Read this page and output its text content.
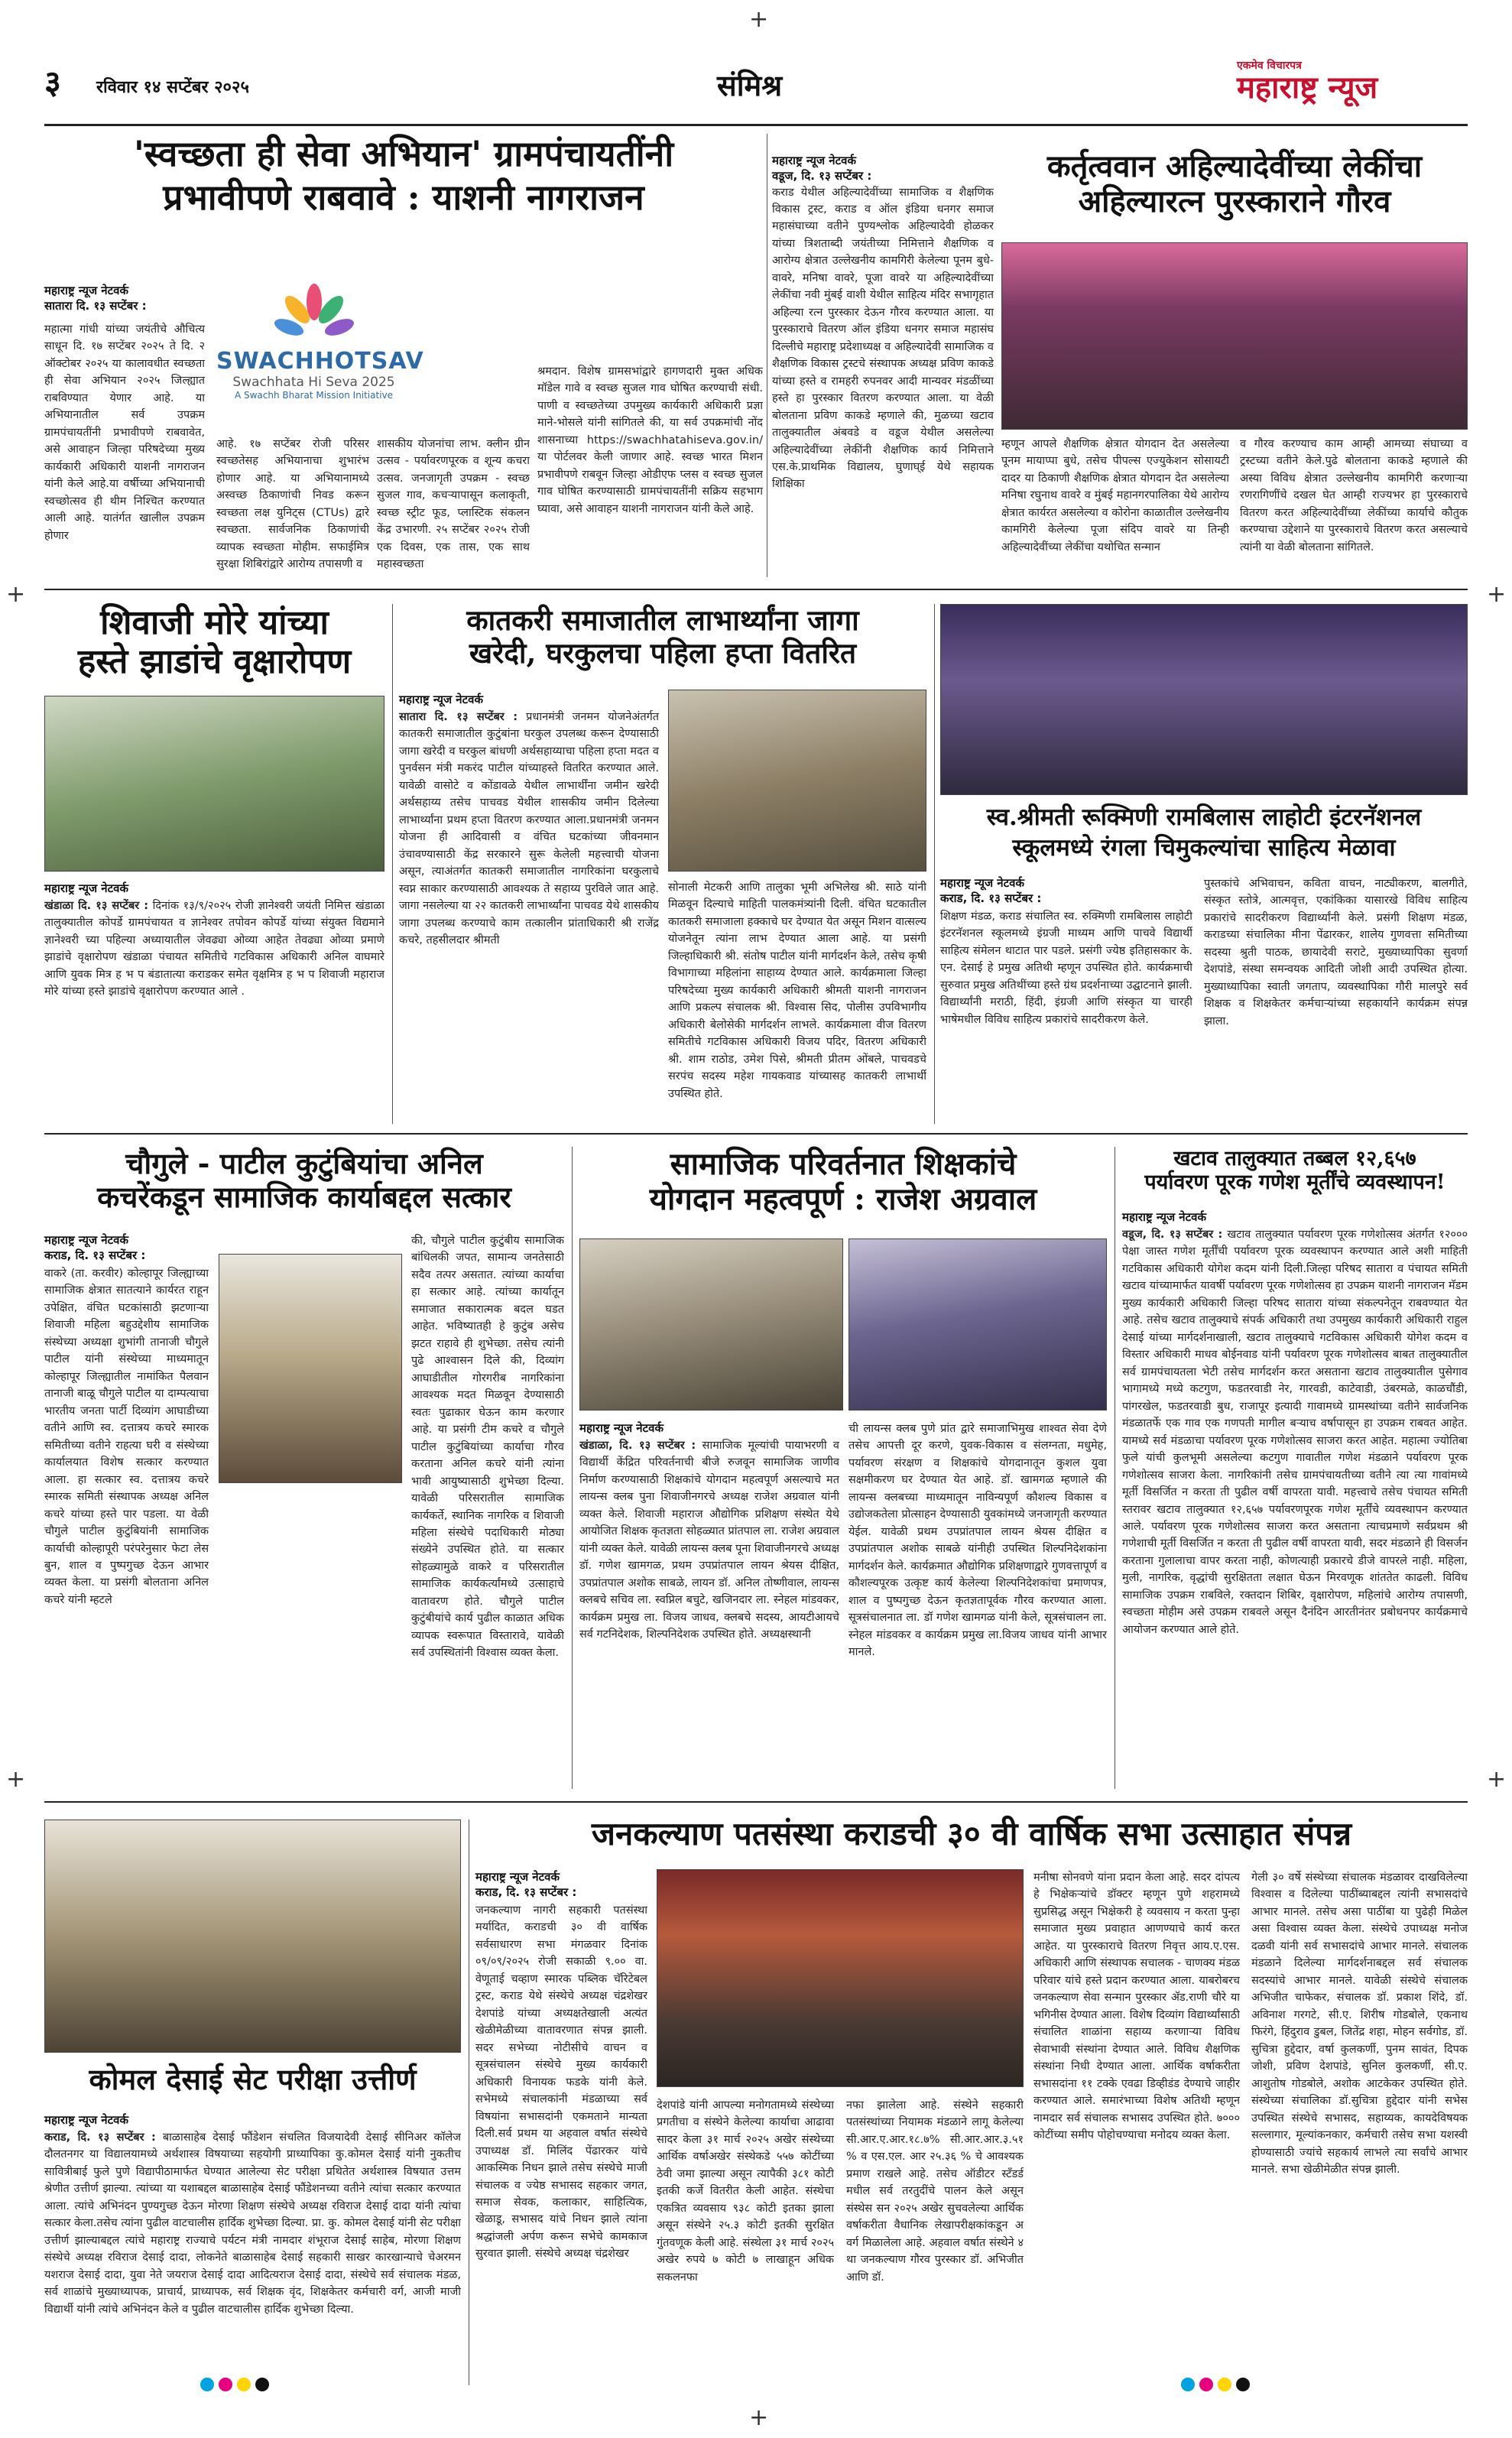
+
+	+
+	+
+
३ रविवार १४ सप्टेंबर २०२५	संमिश्र
एकमेव विचारपत्र
महाराष्ट्र न्यूज
'स्वच्छता ही सेवा अभियान' ग्रामपंचायतींनी
प्रभावीपणे राबवावे : याशनी नागराजन
महाराष्ट्र न्यूज नेटवर्क
सातारा दि. १३ सप्टेंबर :
महात्मा गांधी यांच्या जयंतीचे औचित्य साधून दि. १७ सप्टेंबर २०२५ ते दि. २ ऑक्टोबर २०२५ या कालावधीत स्वच्छता ही सेवा अभियान २०२५ जिल्ह्यात राबविण्यात येणार आहे. या अभियानातील सर्व उपक्रम ग्रामपंचायतींनी प्रभावीपणे राबवावेत, असे आवाहन जिल्हा परिषदेच्या मुख्य कार्यकारी अधिकारी याशनी नागराजन यांनी केले आहे.या वर्षीच्या अभियानाची स्वच्छोत्सव ही थीम निश्चित करण्यात आली आहे. यातंर्गत खालील उपक्रम होणार
SWACHHOTSAV
Swachhata Hi Seva 2025
A Swachh Bharat Mission Initiative
आहे. १७ सप्टेंबर रोजी परिसर स्वच्छतेसह अभियानाचा शुभारंभ होणार आहे. या अभियानामध्ये अस्वच्छ ठिकाणांची निवड करून स्वच्छता लक्ष युनिट्स (CTUs) द्वारे स्वच्छता. सार्वजनिक ठिकाणांची व्यापक स्वच्छता मोहीम. सफाईमित्र सुरक्षा शिबिरांद्वारे आरोग्य तपासणी व
शासकीय योजनांचा लाभ. क्लीन ग्रीन उत्सव - पर्यावरणपूरक व शून्य कचरा उत्सव. जनजागृती उपक्रम - स्वच्छ सुजल गाव, कचऱ्यापासून कलाकृती, स्वच्छ स्ट्रीट फूड, प्लास्टिक संकलन केंद्र उभारणी. २५ सप्टेंबर २०२५ रोजी एक दिवस, एक तास, एक साथ महास्वच्छता
श्रमदान. विशेष ग्रामसभांद्वारे हागणदारी मुक्त अधिक मॉडेल गावे व स्वच्छ सुजल गाव घोषित करण्याची संधी. पाणी व स्वच्छतेच्या उपमुख्य कार्यकारी अधिकारी प्रज्ञा माने-भोसले यांनी सांगितले की, या सर्व उपक्रमांची नोंद शासनाच्या https://swachhatahiseva.gov.in/ या पोर्टलवर केली जाणार आहे. स्वच्छ भारत मिशन प्रभावीपणे राबवून जिल्हा ओडीएफ प्लस व स्वच्छ सुजल गाव घोषित करण्यासाठी ग्रामपंचायतींनी सक्रिय सहभाग घ्यावा, असे आवाहन याशनी नागराजन यांनी केले आहे.
महाराष्ट्र न्यूज नेटवर्क
वडूज, दि. १३ सप्टेंबर :
कराड येथील अहिल्यादेवींच्या सामाजिक व शैक्षणिक विकास ट्रस्ट, कराड व ऑल इंडिया धनगर समाज महासंघाच्या वतीने पुण्यश्लोक अहिल्यादेवी होळकर यांच्या त्रिशताब्दी जयंतीच्या निमित्ताने शैक्षणिक व आरोग्य क्षेत्रात उल्लेखनीय कामगिरी केलेल्या पूनम बुधे- वावरे, मनिषा वावरे, पूजा वावरे या अहिल्यादेवींच्या लेकींचा नवी मुंबई वाशी येथील साहित्य मंदिर सभागृहात अहिल्या रत्न पुरस्कार देऊन गौरव करण्यात आला. या पुरस्काराचे वितरण ऑल इंडिया धनगर समाज महासंघ दिल्लीचे महाराष्ट्र प्रदेशाध्यक्ष व अहिल्यादेवी सामाजिक व शैक्षणिक विकास ट्रस्टचे संस्थापक अध्यक्ष प्रविण काकडे यांच्या हस्ते व रामहरी रुपनवर आदी मान्यवर मंडळींच्या हस्ते हा पुरस्कार वितरण करण्यात आला. या वेळी बोलताना प्रविण काकडे म्हणाले की, मुळच्या खटाव तालुक्यातील अंबवडे व वडूज येथील असलेल्या अहिल्यादेवींच्या लेकींनी शैक्षणिक कार्य निमित्ताने एस.के.प्राथमिक विद्यालय, घुणाघ्ई येथे सहायक शिक्षिका
कर्तृत्ववान अहिल्यादेवींच्या लेकींचा
अहिल्यारत्न पुरस्काराने गौरव
म्हणून आपले शैक्षणिक क्षेत्रात योगदान देत असलेल्या पूनम मायाप्पा बुधे, तसेच पीपल्स एज्युकेशन सोसायटी दादर या ठिकाणी शैक्षणिक क्षेत्रात योगदान देत असलेल्या मनिषा रघुनाथ वावरे व मुंबई महानगरपालिका येथे आरोग्य क्षेत्रात कार्यरत असलेल्या व कोरोना काळातील उल्लेखनीय कामगिरी केलेल्या पूजा संदिप वावरे या तिन्ही अहिल्यादेवींच्या लेकींचा यथोचित सन्मान
व गौरव करण्याच काम आम्ही आमच्या संघाच्या व ट्रस्टच्या वतीने केले.पुढे बोलताना काकडे म्हणाले की अस्या विविध क्षेत्रात उल्लेखनीय कामगिरी करणाऱ्या रणरागिणींचे दखल घेत आम्ही राज्यभर हा पुरस्काराचे वितरण करत अहिल्यादेवींच्या लेकींच्या कार्याचे कौतुक करण्याचा उद्देशाने या पुरस्काराचे वितरण करत असल्याचे त्यांनी या वेळी बोलताना सांगितले.
शिवाजी मोरे यांच्या
हस्ते झाडांचे वृक्षारोपण
महाराष्ट्र न्यूज नेटवर्क
खंडाळा दि. १३ सप्टेंबर : दिनांक १३/९/२०२५ रोजी ज्ञानेश्वरी जयंती निमित्त खंडाळा तालुक्यातील कोपर्डे ग्रामपंचायत व ज्ञानेश्वर तपोवन कोपर्डे यांच्या संयुक्त विद्यमाने ज्ञानेश्वरी च्या पहिल्या अध्यायातील जेवढ्या ओव्या आहेत तेवढ्या ओव्या प्रमाणे झाडांचे वृक्षारोपण खंडाळा पंचायत समितीचे गटविकास अधिकारी अनिल वाघमारे आणि युवक मित्र ह भ प बंडातात्या कराडकर समेत वृक्षमित्र ह भ प शिवाजी महाराज मोरे यांच्या हस्ते झाडांचे वृक्षारोपण करण्यात आले .
कातकरी समाजातील लाभार्थ्यांना जागा
खरेदी, घरकुलचा पहिला हप्ता वितरित
महाराष्ट्र न्यूज नेटवर्क
सातारा दि. १३ सप्टेंबर : प्रधानमंत्री जनमन योजनेअंतर्गत कातकरी समाजातील कुटुंबांना घरकुल उपलब्ध करून देण्यासाठी जागा खरेदी व घरकुल बांधणी अर्थसहाय्याचा पहिला हप्ता मदत व पुनर्वसन मंत्री मकरंद पाटील यांच्याहस्ते वितरित करण्यात आले. यावेळी वासोटे व कोंडावळे येथील लाभार्थींना जमीन खरेदी अर्थसहाय्य तसेच पाचवड येथील शासकीय जमीन दिलेल्या लाभार्थ्यांना प्रथम हप्ता वितरण करण्यात आला.प्रधानमंत्री जनमन योजना ही आदिवासी व वंचित घटकांच्या जीवनमान उंचावण्यासाठी केंद्र सरकारने सुरू केलेली महत्त्वाची योजना असून, त्याअंतर्गत कातकरी समाजातील नागरिकांना घरकुलाचे स्वप्न साकार करण्यासाठी आवश्यक ते सहाय्य पुरविले जात आहे. जागा नसलेल्या या २२ कातकरी लाभार्थ्यांना पाचवड येथे शासकीय जागा उपलब्ध करण्याचे काम तत्कालीन प्रांताधिकारी श्री राजेंद्र कचरे, तहसीलदार श्रीमती
सोनाली मेटकरी आणि तालुका भूमी अभिलेख श्री. साठे यांनी मिळवून दिल्याचे माहिती पालकमंत्र्यांनी दिली. वंचित घटकातील कातकरी समाजाला हक्काचे घर देण्यात येत असून मिशन वात्सल्य योजनेतून त्यांना लाभ देण्यात आला आहे. या प्रसंगी जिल्हाधिकारी श्री. संतोष पाटील यांनी मार्गदर्शन केले, तसेच कृषी विभागाच्या महिलांना साहाय्य देण्यात आले. कार्यक्रमाला जिल्हा परिषदेच्या मुख्य कार्यकारी अधिकारी श्रीमती याशनी नागराजन आणि प्रकल्प संचालक श्री. विश्वास सिद, पोलीस उपविभागीय अधिकारी बेलोसेकी मार्गदर्शन लाभले. कार्यक्रमाला वीज वितरण समितीचे गटविकास अधिकारी विजय पदिर, वितरण अधिकारी श्री. शाम राठोड, उमेश पिसे, श्रीमती प्रीतम ओंबले, पाचवडचे सरपंच सदस्य महेश गायकवाड यांच्यासह कातकरी लाभार्थी उपस्थित होते.
स्व.श्रीमती रूक्मिणी रामबिलास लाहोटी इंटरनॅशनल
स्कूलमध्ये रंगला चिमुकल्यांचा साहित्य मेळावा
महाराष्ट्र न्यूज नेटवर्क
कराड, दि. १३ सप्टेंबर :
शिक्षण मंडळ, कराड संचालित स्व. रुक्मिणी रामबिलास लाहोटी इंटरनॅशनल स्कूलमध्ये इंग्रजी माध्यम आणि पाचवे विद्यार्थी साहित्य संमेलन थाटात पार पडले. प्रसंगी ज्येष्ठ इतिहासकार के. एन. देसाई हे प्रमुख अतिथी म्हणून उपस्थित होते. कार्यक्रमाची सुरुवात प्रमुख अतिथींच्या हस्ते ग्रंथ प्रदर्शनाच्या उद्घाटनाने झाली. विद्यार्थ्यांनी मराठी, हिंदी, इंग्रजी आणि संस्कृत या चारही भाषेमधील विविध साहित्य प्रकारांचे सादरीकरण केले.
पुस्तकांचे अभिवाचन, कविता वाचन, नाट्यीकरण, बालगीते, संस्कृत स्तोत्रे, आत्मवृत्त, एकांकिका यासारखे विविध साहित्य प्रकारांचे सादरीकरण विद्यार्थ्यांनी केले. प्रसंगी शिक्षण मंडळ, कराडच्या संचालिका मीना पेंढारकर, शालेय गुणवत्ता समितीच्या सदस्या श्रुती पाठक, छायादेवी सराटे, मुख्याध्यापिका सुवर्णा देशपांडे, संस्था समन्वयक आदिती जोशी आदी उपस्थित होत्या. मुख्याध्यापिका स्वाती जगताप, व्यवस्थापिका गौरी मालपुरे सर्व शिक्षक व शिक्षकेतर कर्मचाऱ्यांच्या सहकार्याने कार्यक्रम संपन्न झाला.
चौगुले - पाटील कुटुंबियांचा अनिल
कचरेंकडून सामाजिक कार्याबद्दल सत्कार
महाराष्ट्र न्यूज नेटवर्क
कराड, दि. १३ सप्टेंबर :
वाकरे (ता. करवीर) कोल्हापूर जिल्ह्याच्या सामाजिक क्षेत्रात सातत्याने कार्यरत राहून उपेक्षित, वंचित घटकांसाठी झटणाऱ्या शिवाजी महिला बहुउद्देशीय सामाजिक संस्थेच्या अध्यक्षा शुभांगी तानाजी चौगुले पाटील यांनी संस्थेच्या माध्यमातून कोल्हापूर जिल्ह्यातील नामांकित पैलवान तानाजी बाळू चौगुले पाटील या दाम्पत्याचा भारतीय जनता पार्टी दिव्यांग आघाडीच्या वतीने आणि स्व. दत्तात्रय कचरे स्मारक समितीच्या वतीने राहत्या घरी व संस्थेच्या कार्यालयात विशेष सत्कार करण्यात आला. हा सत्कार स्व. दत्तात्रय कचरे स्मारक समिती संस्थापक अध्यक्ष अनिल कचरे यांच्या हस्ते पार पडला. या वेळी चौगुले पाटील कुटुंबियांनी सामाजिक कार्याची कोल्हापूरी परंपरेनुसार फेटा लेस बुन, शाल व पुष्पगुच्छ देऊन आभार व्यक्त केला. या प्रसंगी बोलताना अनिल कचरे यांनी म्हटले
की, चौगुले पाटील कुटुंबीय सामाजिक बांधिलकी जपत, सामान्य जनतेसाठी सदैव तत्पर असतात. त्यांच्या कार्याचा हा सत्कार आहे. त्यांच्या कार्यातून समाजात सकारात्मक बदल घडत आहेत. भविष्यातही हे कुटुंब असेच झटत राहावे ही शुभेच्छा. तसेच त्यांनी पुढे आश्वासन दिले की, दिव्यांग आघाडीतील गोरगरीब नागरिकांना आवश्यक मदत मिळवून देण्यासाठी स्वतः पुढाकार घेऊन काम करणार आहे. या प्रसंगी टीम कचरे व चौगुले पाटील कुटुंबियांच्या कार्याचा गौरव करताना अनिल कचरे यांनी त्यांना भावी आयुष्यासाठी शुभेच्छा दिल्या. यावेळी परिसरातील सामाजिक कार्यकर्ते, स्थानिक नागरिक व शिवाजी महिला संस्थेचे पदाधिकारी मोठ्या संख्येने उपस्थित होते. या सत्कार सोहळ्यामुळे वाकरे व परिसरातील सामाजिक कार्यकर्त्यांमध्ये उत्साहाचे वातावरण होते. चौगुले पाटील कुटुंबीयांचे कार्य पुढील काळात अधिक व्यापक स्वरूपात विस्तारावे, यावेळी सर्व उपस्थितांनी विश्वास व्यक्त केला.
सामाजिक परिवर्तनात शिक्षकांचे
योगदान महत्वपूर्ण : राजेश अग्रवाल
महाराष्ट्र न्यूज नेटवर्क
खंडाळा, दि. १३ सप्टेंबर : सामाजिक मूल्यांची पायाभरणी व विद्यार्थी केंद्रित परिवर्तनाची बीजे रुजवून सामाजिक जाणीव निर्माण करण्यासाठी शिक्षकांचे योगदान महत्वपूर्ण असल्याचे मत लायन्स क्लब पुना शिवाजीनगरचे अध्यक्ष राजेश अग्रवाल यांनी व्यक्त केले. शिवाजी महाराज औद्योगिक प्रशिक्षण संस्थेत येथे आयोजित शिक्षक कृतज्ञता सोहळ्यात प्रांतपाल ला. राजेश अग्रवाल यांनी व्यक्त केले. यावेळी लायन्स क्लब पूना शिवाजीनगरचे अध्यक्ष डॉ. गणेश खामगळ, प्रथम उपप्रांतपाल लायन श्रेयस दीक्षित, उपप्रांतपाल अशोक साबळे, लायन डॉ. अनिल तोष्णीवाल, लायन्स क्लबचे सचिव ला. स्वप्निल बचुटे, खजिनदार ला. स्नेहल मांडवकर, कार्यक्रम प्रमुख ला. विजय जाधव, क्लबचे सदस्य, आयटीआयचे सर्व गटनिदेशक, शिल्पनिदेशक उपस्थित होते. अध्यक्षस्थानी
ची लायन्स क्लब पुणे प्रांत द्वारे समाजाभिमुख शाश्वत सेवा देणे तसेच आपत्ती दूर करणे, युवक-विकास व संलग्नता, मधुमेह, पर्यावरण संरक्षण व शिक्षकांचे योगदानातून कुशल युवा सक्षमीकरण घर देण्यात येत आहे. डॉ. खामगळ म्हणाले की लायन्स क्लबच्या माध्यमातून नाविन्यपूर्ण कौशल्य विकास व उद्योजकतेला प्रोत्साहन देण्यासाठी युवकांमध्ये जनजागृती करण्यात येईल. यावेळी प्रथम उपप्रांतपाल लायन श्रेयस दीक्षित व उपप्रांतपाल अशोक साबळे यांनीही उपस्थित शिल्पनिदेशकांना मार्गदर्शन केले. कार्यक्रमात औद्योगिक प्रशिक्षणाद्वारे गुणवत्तापूर्ण व कौशल्यपूरक उत्कृष्ट कार्य केलेल्या शिल्पनिदेशकांचा प्रमाणपत्र, शाल व पुष्पगुच्छ देऊन कृतज्ञतापूर्वक गौरव करण्यात आला. सूत्रसंचालनात ला. डॉ गणेश खामगळ यांनी केले, सूत्रसंचालन ला. स्नेहल मांडवकर व कार्यक्रम प्रमुख ला.विजय जाधव यांनी आभार मानले.
खटाव तालुक्यात तब्बल १२,६५७
पर्यावरण पूरक गणेश मूर्तींचे व्यवस्थापन!
महाराष्ट्र न्यूज नेटवर्क
वडूज, दि. १३ सप्टेंबर : खटाव तालुक्यात पर्यावरण पूरक गणेशोत्सव अंतर्गत १२००० पेक्षा जास्त गणेश मूर्तींची पर्यावरण पूरक व्यवस्थापन करण्यात आले अशी माहिती गटविकास अधिकारी योगेश कदम यांनी दिली.जिल्हा परिषद सातारा व पंचायत समिती खटाव यांच्यामार्फत यावर्षी पर्यावरण पूरक गणेशोत्सव हा उपक्रम याशनी नागराजन मॅडम मुख्य कार्यकारी अधिकारी जिल्हा परिषद सातारा यांच्या संकल्पनेतून राबवण्यात येत आहे. तसेच खटाव तालुक्याचे संपर्क अधिकारी तथा उपमुख्य कार्यकारी अधिकारी राहुल देसाई यांच्या मार्गदर्शनाखाली, खटाव तालुक्याचे गटविकास अधिकारी योगेश कदम व विस्तार अधिकारी माधव बोईनवाड यांनी पर्यावरण पूरक गणेशोत्सव बाबत तालुक्यातील सर्व ग्रामपंचायतला भेटी तसेच मार्गदर्शन करत असताना खटाव तालुक्यातील पुसेगाव भागामध्ये मध्ये कटगुण, फडतरवाडी नेर, गारवडी, काटेवाडी, उंबरमळे, काळचौंडी, पांगरखेल, फडतरवाडी बुध, राजापूर इत्यादी गावामध्ये ग्रामस्थांच्या वतीने सार्वजनिक मंडळातर्फे एक गाव एक गणपती मागील बऱ्याच वर्षापासून हा उपक्रम राबवत आहेत. यामध्ये सर्व मंडळाचा पर्यावरण पूरक गणेशोत्सव साजरा करत आहेत. महात्मा ज्योतिबा फुले यांची कुलभूमी असलेल्या कटगुण गावातील गणेश मंडळाने पर्यावरण पूरक गणेशोत्सव साजरा केला. नागरिकांनी तसेच ग्रामपंचायतीच्या वतीने त्या त्या गावांमध्ये मूर्ती विसर्जित न करता ती पुढील वर्षी वापरता यावी. महत्त्वाचे तसेच पंचायत समिती स्तरावर खटाव तालुक्यात १२,६५७ पर्यावरणपूरक गणेश मूर्तींचे व्यवस्थापन करण्यात आले. पर्यावरण पूरक गणेशोत्सव साजरा करत असताना त्याचप्रमाणे सर्वप्रथम श्री गणेशाची मूर्ती विसर्जित न करता ती पुढील वर्षी वापरता यावी, सदर मंडळाने ही विसर्जन करताना गुलालाचा वापर करता नाही, कोणत्याही प्रकारचे डीजे वापरले नाही. महिला, मुली, नागरिक, वृद्धांची सुरक्षितता लक्षात घेऊन मिरवणूक शांततेत काढली. विविध सामाजिक उपक्रम राबविले, रक्तदान शिबिर, वृक्षारोपण, महिलांचे आरोग्य तपासणी, स्वच्छता मोहीम असे उपक्रम राबवले असून दैनंदिन आरतीनंतर प्रबोधनपर कार्यक्रमाचे आयोजन करण्यात आले होते.
कोमल देसाई सेट परीक्षा उत्तीर्ण
महाराष्ट्र न्यूज नेटवर्क
कराड, दि. १३ सप्टेंबर : बाळासाहेब देसाई फौंडेशन संचलित विजयादेवी देसाई सीनिअर कॉलेज दौलतनगर या विद्यालयामध्ये अर्थशास्त्र विषयाच्या सहयोगी प्राध्यापिका कु.कोमल देसाई यांनी नुकतीच सावित्रीबाई फुले पुणे विद्यापीठामार्फत घेण्यात आलेल्या सेट परीक्षा प्रथितेत अर्थशास्त्र विषयात उत्तम श्रेणीत उत्तीर्ण झाल्या. त्यांच्या या यशाबद्दल बाळासाहेब देसाई फौंडेशनच्या वतीने त्यांचा सत्कार करण्यात आला. त्यांचे अभिनंदन पुण्यगुच्छ देऊन मोरणा शिक्षण संस्थेचे अध्यक्ष रविराज देसाई दादा यांनी त्यांचा सत्कार केला.तसेच त्यांना पुढील वाटचालीस हार्दिक शुभेच्छा दिल्या. प्रा. कु. कोमल देसाई यांनी सेट परीक्षा उत्तीर्ण झाल्याबद्दल त्यांचे महाराष्ट्र राज्याचे पर्यटन मंत्री नामदार शंभूराज देसाई साहेब, मोरणा शिक्षण संस्थेचे अध्यक्ष रविराज देसाई दादा, लोकनेते बाळासाहेब देसाई सहकारी साखर कारखान्याचे चेअरमन यशराज देसाई दादा, युवा नेते जयराज देसाई दादा आदित्यराज देसाई दादा, संस्थेचे सर्व संचालक मंडळ, सर्व शाळांचे मुख्याध्यापक, प्राचार्य, प्राध्यापक, सर्व शिक्षक वृंद, शिक्षकेतर कर्मचारी वर्ग, आजी माजी विद्यार्थी यांनी त्यांचे अभिनंदन केले व पुढील वाटचालीस हार्दिक शुभेच्छा दिल्या.
जनकल्याण पतसंस्था कराडची ३० वी वार्षिक सभा उत्साहात संपन्न
महाराष्ट्र न्यूज नेटवर्क
कराड, दि. १३ सप्टेंबर :
जनकल्याण नागरी सहकारी पतसंस्था मर्यादित, कराडची ३० वी वार्षिक सर्वसाधारण सभा मंगळवार दिनांक ०९/०९/२०२५ रोजी सकाळी ९.०० वा. वेणूताई चव्हाण स्मारक पब्लिक चॅरिटेबल ट्रस्ट, कराड येथे संस्थेचे अध्यक्ष चंद्रशेखर देशपांडे यांच्या अध्यक्षतेखाली अत्यंत खेळीमेळीच्या वातावरणात संपन्न झाली. सदर सभेच्या नोटीसीचे वाचन व सूत्रसंचालन संस्थेचे मुख्य कार्यकारी अधिकारी विनायक फडके यांनी केले. सभेमध्ये संचालकांनी मंडळाच्या सर्व विषयांना सभासदांनी एकमताने मान्यता दिली.सर्व प्रथम या अहवाल वर्षात संस्थेचे उपाध्यक्ष डॉ. मिलिंद पेंढारकर यांचे आकस्मिक निधन झाले तसेच संस्थेचे माजी संचालक व ज्येष्ठ सभासद सहकार जगत, समाज सेवक, कलाकार, साहित्यिक, खेळाडू, सभासद यांचे निधन झाले त्यांना श्रद्धांजली अर्पण करून सभेचे कामकाज सुरवात झाली. संस्थेचे अध्यक्ष चंद्रशेखर
देशपांडे यांनी आपल्या मनोगतामध्ये संस्थेच्या प्रगतीचा व संस्थेने केलेल्या कार्याचा आढावा सादर केला ३१ मार्च २०२५ अखेर संस्थेच्या आर्थिक वर्षाअखेर संस्थेकडे ५५७ कोटींच्या ठेवी जमा झाल्या असून त्यापैकी ३८१ कोटी इतकी कर्जे वितरीत केली आहेत. संस्थेचा एकत्रित व्यवसाय ९३८ कोटी इतका झाला असून संस्थेने २५.३ कोटी इतकी सुरक्षित गुंतवणूक केली आहे. संस्थेला ३१ मार्च २०२५ अखेर रुपये ७ कोटी ७ लाखाहून अधिक सकलनफा
नफा झालेला आहे. संस्थेने सहकारी पतसंस्थांच्या नियामक मंडळाने लागू केलेल्या सी.आर.ए.आर.१८.७% सी.आर.आर.३.५१ % व एस.एल. आर २५.३६ % चे आवश्यक प्रमाण राखले आहे. तसेच ऑडीटर स्टॅंडर्ड मधील सर्व तरतुदींचे पालन केले असून संस्थेस सन २०२५ अखेर सुचवलेल्या आर्थिक वर्षाकरीता वैधानिक लेखापरीक्षकांकडून अ वर्ग मिळालेला आहे. अहवाल वर्षात संस्थेने ४ था जनकल्याण गौरव पुरस्कार डॉ. अभिजीत आणि डॉ.
मनीषा सोनवणे यांना प्रदान केला आहे. सदर दांपत्य हे भिक्षेकऱ्यांचे डॉक्टर म्हणून पुणे शहरामध्ये सुप्रसिद्ध असून भिक्षेकरी हे व्यवसाय न करता पुन्हा समाजात मुख्य प्रवाहात आणण्याचे कार्य करत आहेत. या पुरस्काराचे वितरण निवृत्त आय.ए.एस. अधिकारी आणि संस्थापक सचालक - चाणक्य मंडळ परिवार यांचे हस्ते प्रदान करण्यात आला. याबरोबरच जनकल्याण सेवा सन्मान पुरस्कार ॲड.राणी चौरे या भगिनीस देण्यात आला. विशेष दिव्यांग विद्यार्थ्यांसाठी संचालित शाळांना सहाय्य करणाऱ्या विविध सेवाभावी संस्थांना देण्यात आले. विविध शैक्षणिक संस्थांना निधी देण्यात आला. आर्थिक वर्षाकरीता सभासदांना ११ टक्के एवढा डिव्हीडंड देण्याचे जाहीर करण्यात आले. समारंभाच्या विशेष अतिथी म्हणून नामदार सर्व संचालक सभासद उपस्थित होते. ७००० कोटींच्या समीप पोहोचण्याचा मनोदय व्यक्त केला.
गेली ३० वर्षे संस्थेच्या संचालक मंडळावर दाखविलेल्या विश्वास व दिलेल्या पाठींब्याबद्दल त्यांनी सभासदांचे आभार मानले. तसेच असा पाठींबा या पुढेही मिळेल असा विश्वास व्यक्त केला. संस्थेचे उपाध्यक्ष मनोज दळवी यांनी सर्व सभासदांचे आभार मानले. संचालक मंडळाने दिलेल्या मार्गदर्शनाबद्दल सर्व संचालक सदस्यांचे आभार मानले. यावेळी संस्थेचे संचालक अभिजीत चाफेकर, संचालक डॉ. प्रकाश शिंदे, डॉ. अविनाश गरगटे, सी.ए. शिरीष गोडबोले, एकनाथ फिरंगे, हिंदुराव डुबल, जितेंद्र शहा, मोहन सर्वगोड, डॉ. सुचित्रा हुद्देदार, वर्षा कुलकर्णी, पुनम सावंत, दिपक जोशी, प्रविण देशपांडे, सुनिल कुलकर्णी, सी.ए. आशुतोष गोडबोले, अशोक आटकेकर उपस्थित होते. संस्थेच्या संचालिका डॉ.सुचित्रा हुद्देदार यांनी सभेस उपस्थित संस्थेचे सभासद, सहाय्यक, कायदेविषयक सल्लागार, मूल्यांकनकार, कर्मचारी तसेच सभा यशस्वी होण्यासाठी ज्यांचे सहकार्य लाभले त्या सर्वांचे आभार मानले. सभा खेळीमेळीत संपन्न झाली.
